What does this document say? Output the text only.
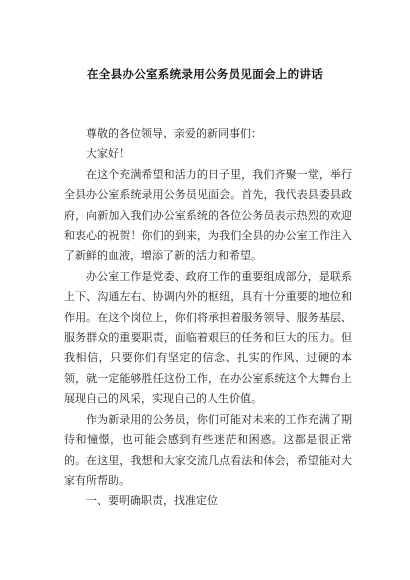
在全县办公室系统录用公务员见面会上的讲话

尊敬的各位领导、亲爱的新同事们：

大家好！

在这个充满希望和活力的日子里，我们齐聚一堂，举行全县办公室系统录用公务员见面会。首先，我代表县委县政府，向新加入我们办公室系统的各位公务员表示热烈的欢迎和衷心的祝贺！你们的到来，为我们全县的办公室工作注入了新鲜的血液，增添了新的活力和希望。

办公室工作是党委、政府工作的重要组成部分，是联系上下、沟通左右、协调内外的枢纽，具有十分重要的地位和作用。在这个岗位上，你们将承担着服务领导、服务基层、服务群众的重要职责，面临着艰巨的任务和巨大的压力。但我相信，只要你们有坚定的信念、扎实的作风、过硬的本领，就一定能够胜任这份工作，在办公室系统这个大舞台上展现自己的风采，实现自己的人生价值。

作为新录用的公务员，你们可能对未来的工作充满了期待和憧憬，也可能会感到有些迷茫和困惑。这都是很正常的。在这里，我想和大家交流几点看法和体会，希望能对大家有所帮助。

一、要明确职责，找准定位
